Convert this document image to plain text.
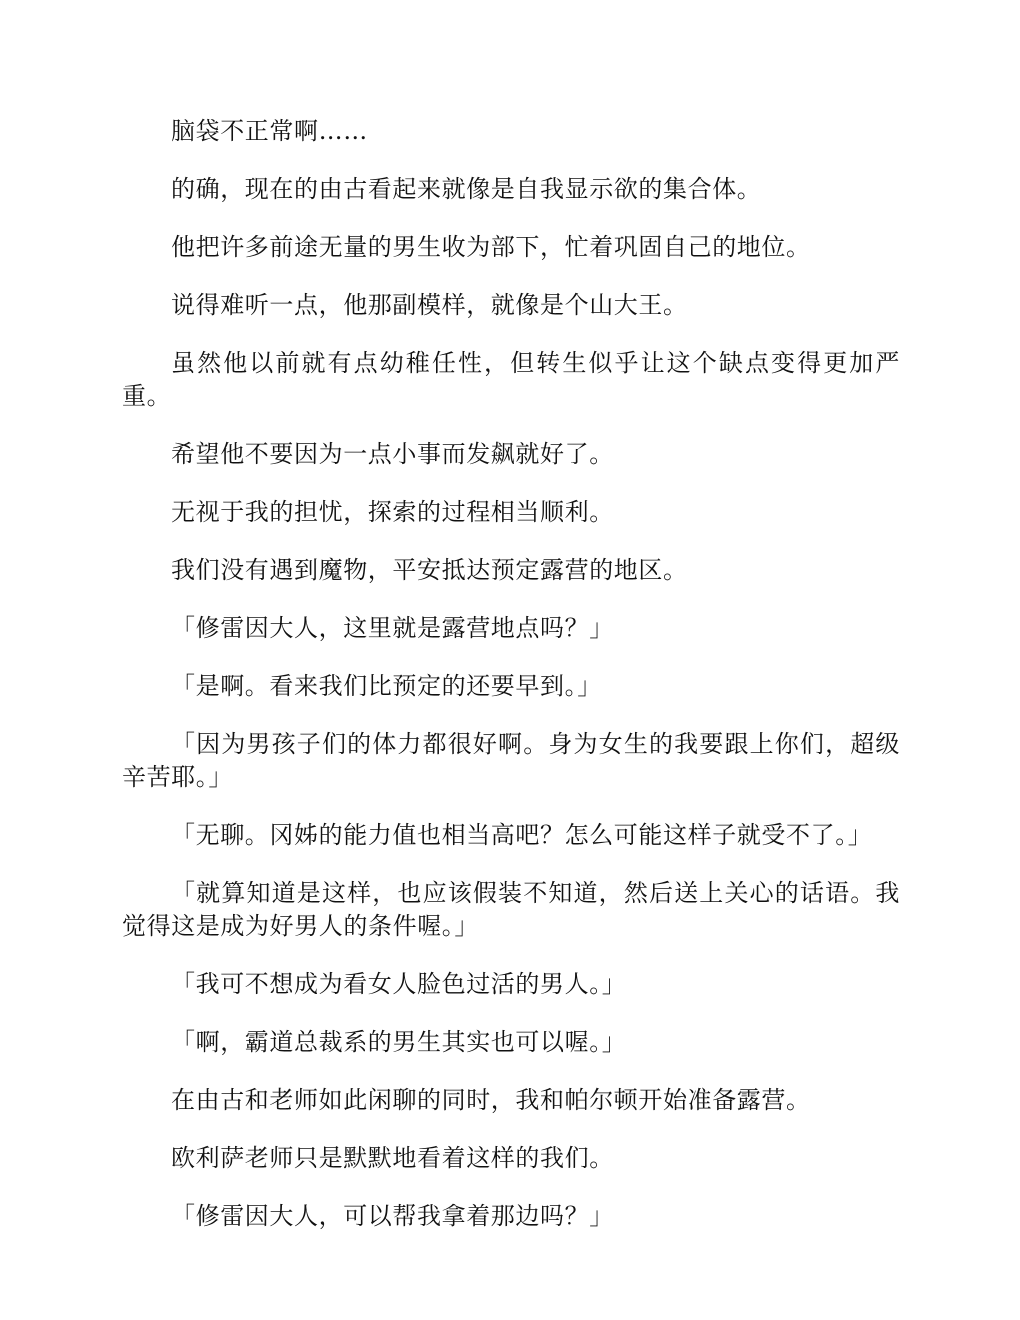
脑袋不正常啊……

的确，现在的由古看起来就像是自我显示欲的集合体。

他把许多前途无量的男生收为部下，忙着巩固自己的地位。

说得难听一点，他那副模样，就像是个山大王。

虽然他以前就有点幼稚任性，但转生似乎让这个缺点变得更加严重。

希望他不要因为一点小事而发飙就好了。

无视于我的担忧，探索的过程相当顺利。

我们没有遇到魔物，平安抵达预定露营的地区。

「修雷因大人，这里就是露营地点吗？」

「是啊。看来我们比预定的还要早到。」

「因为男孩子们的体力都很好啊。身为女生的我要跟上你们，超级辛苦耶。」

「无聊。冈姊的能力值也相当高吧？怎么可能这样子就受不了。」

「就算知道是这样，也应该假装不知道，然后送上关心的话语。我觉得这是成为好男人的条件喔。」

「我可不想成为看女人脸色过活的男人。」

「啊，霸道总裁系的男生其实也可以喔。」

在由古和老师如此闲聊的同时，我和帕尔顿开始准备露营。

欧利萨老师只是默默地看着这样的我们。

「修雷因大人，可以帮我拿着那边吗？」
